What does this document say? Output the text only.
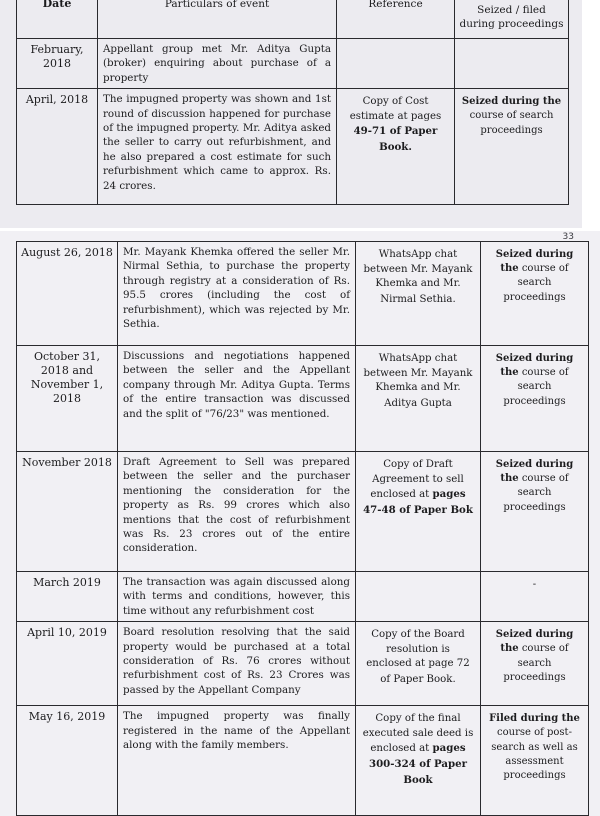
Date	Particulars of event	Reference	Seized / filed during proceedings
February, 2018	Appellant group met Mr. Aditya Gupta (broker) enquiring about purchase of a property		
April, 2018	The impugned property was shown and 1st round of discussion happened for purchase of the impugned property. Mr. Aditya asked the seller to carry out refurbishment, and he also prepared a cost estimate for such refurbishment which came to approx. Rs. 24 crores.	Copy of Cost estimate at pages 49-71 of Paper Book.	Seized during the course of search proceedings
33
August 26, 2018	Mr. Mayank Khemka offered the seller Mr. Nirmal Sethia, to purchase the property through registry at a consideration of Rs. 95.5 crores (including the cost of refurbishment), which was rejected by Mr. Sethia.	WhatsApp chat between Mr. Mayank Khemka and Mr. Nirmal Sethia.	Seized during the course of search proceedings
October 31, 2018 and November 1, 2018	Discussions and negotiations happened between the seller and the Appellant company through Mr. Aditya Gupta. Terms of the entire transaction was discussed and the split of "76/23" was mentioned.	WhatsApp chat between Mr. Mayank Khemka and Mr. Aditya Gupta	Seized during the course of search proceedings
November 2018	Draft Agreement to Sell was prepared between the seller and the purchaser mentioning the consideration for the property as Rs. 99 crores which also mentions that the cost of refurbishment was Rs. 23 crores out of the entire consideration.	Copy of Draft Agreement to sell enclosed at pages 47-48 of Paper Bok	Seized during the course of search proceedings
March 2019	The transaction was again discussed along with terms and conditions, however, this time without any refurbishment cost		-
April 10, 2019	Board resolution resolving that the said property would be purchased at a total consideration of Rs. 76 crores without refurbishment cost of Rs. 23 Crores was passed by the Appellant Company	Copy of the Board resolution is enclosed at page 72 of Paper Book.	Seized during the course of search proceedings
May 16, 2019	The impugned property was finally registered in the name of the Appellant along with the family members.	Copy of the final executed sale deed is enclosed at pages 300-324 of Paper Book	Filed during the course of post-search as well as assessment proceedings
